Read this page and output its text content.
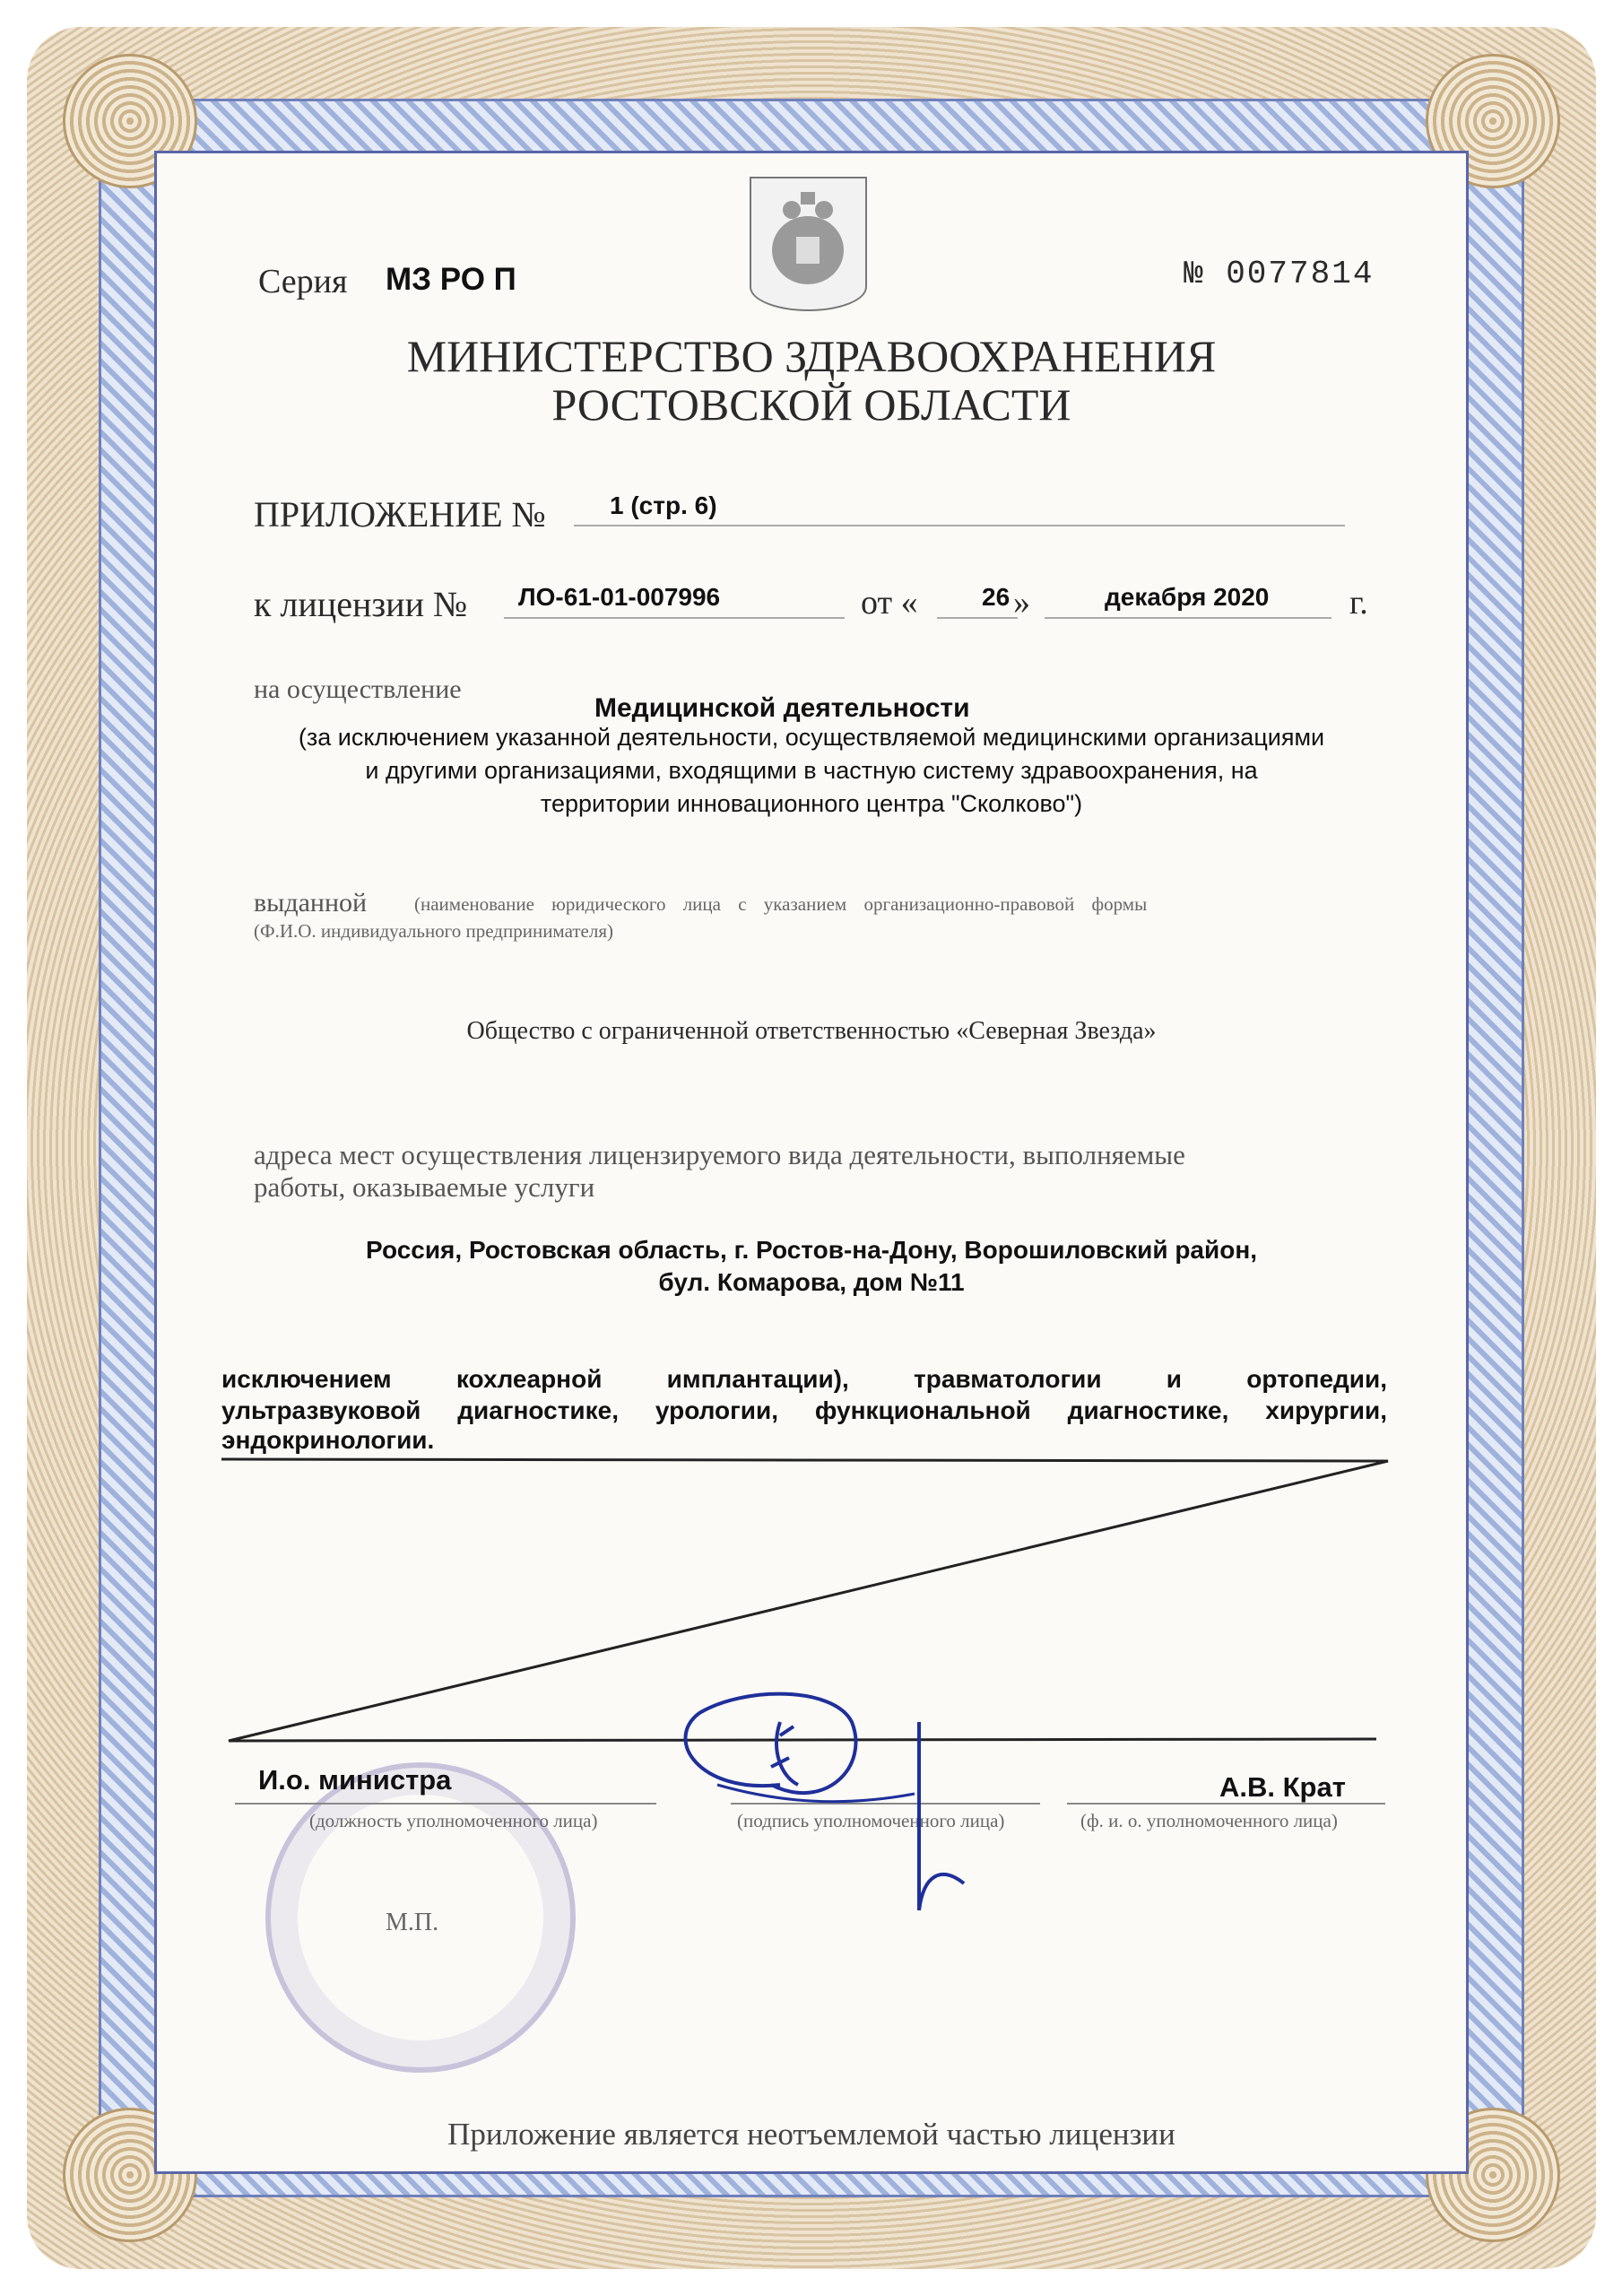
Серия МЗ РО П	№ 0077814
МИНИСТЕРСТВО ЗДРАВООХРАНЕНИЯ
РОСТОВСКОЙ ОБЛАСТИ
ПРИЛОЖЕНИЕ №	1 (стр. 6)
к лицензии № ЛО-61-01-007996	от «	26 »	декабря 2020 г.
на осуществление
Медицинской деятельности
(за исключением указанной деятельности, осуществляемой медицинскими организациями
и другими организациями, входящими в частную систему здравоохранения, на
территории инновационного центра "Сколково")
выданной	(наименование юридического лица с указанием организационно-правовой формы
(Ф.И.О. индивидуального предпринимателя)
Общество с ограниченной ответственностью «Северная Звезда»
адреса мест осуществления лицензируемого вида деятельности, выполняемые
работы, оказываемые услуги
Россия, Ростовская область, г. Ростов-на-Дону, Ворошиловский район,
бул. Комарова, дом №11
исключением кохлеарной имплантации), травматологии и ортопедии,
ультразвуковой диагностике, урологии, функциональной диагностике, хирургии,
эндокринологии.
М.П.
И.о. министра	А.В. Крат
(должность уполномоченного лица)	(подпись уполномоченного лица)	(ф. и. о. уполномоченного лица)
Приложение является неотъемлемой частью лицензии
